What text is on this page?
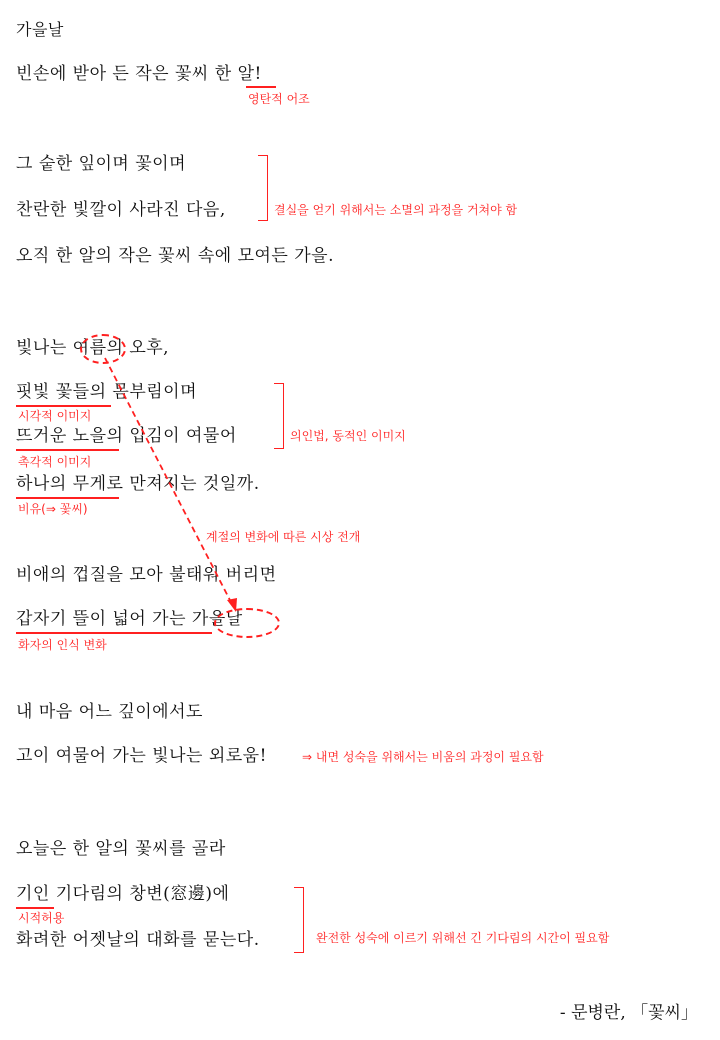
가을날
빈손에 받아 든 작은 꽃씨 한 알!
그 숱한 잎이며 꽃이며
찬란한 빛깔이 사라진 다음,
오직 한 알의 작은 꽃씨 속에 모여든 가을.
빛나는 여름의 오후,
핏빛 꽃들의 몸부림이며
뜨거운 노을의 입김이 여물어
하나의 무게로 만져지는 것일까.
비애의 껍질을 모아 불태워 버리면
갑자기 뜰이 넓어 가는 가을날
내 마음 어느 깊이에서도
고이 여물어 가는 빛나는 외로움!
오늘은 한 알의 꽃씨를 골라
기인 기다림의 창변(窓邊)에
화려한 어젯날의 대화를 묻는다.
- 문병란, 「꽃씨」
영탄적 어조
결실을 얻기 위해서는 소멸의 과정을 거쳐야 함
시각적 이미지
의인법, 동적인 이미지
촉각적 이미지
비유(⇒ 꽃씨)
계절의 변화에 따른 시상 전개
화자의 인식 변화
⇒ 내면 성숙을 위해서는 비움의 과정이 필요함
시적허용
완전한 성숙에 이르기 위해선 긴 기다림의 시간이 필요함
